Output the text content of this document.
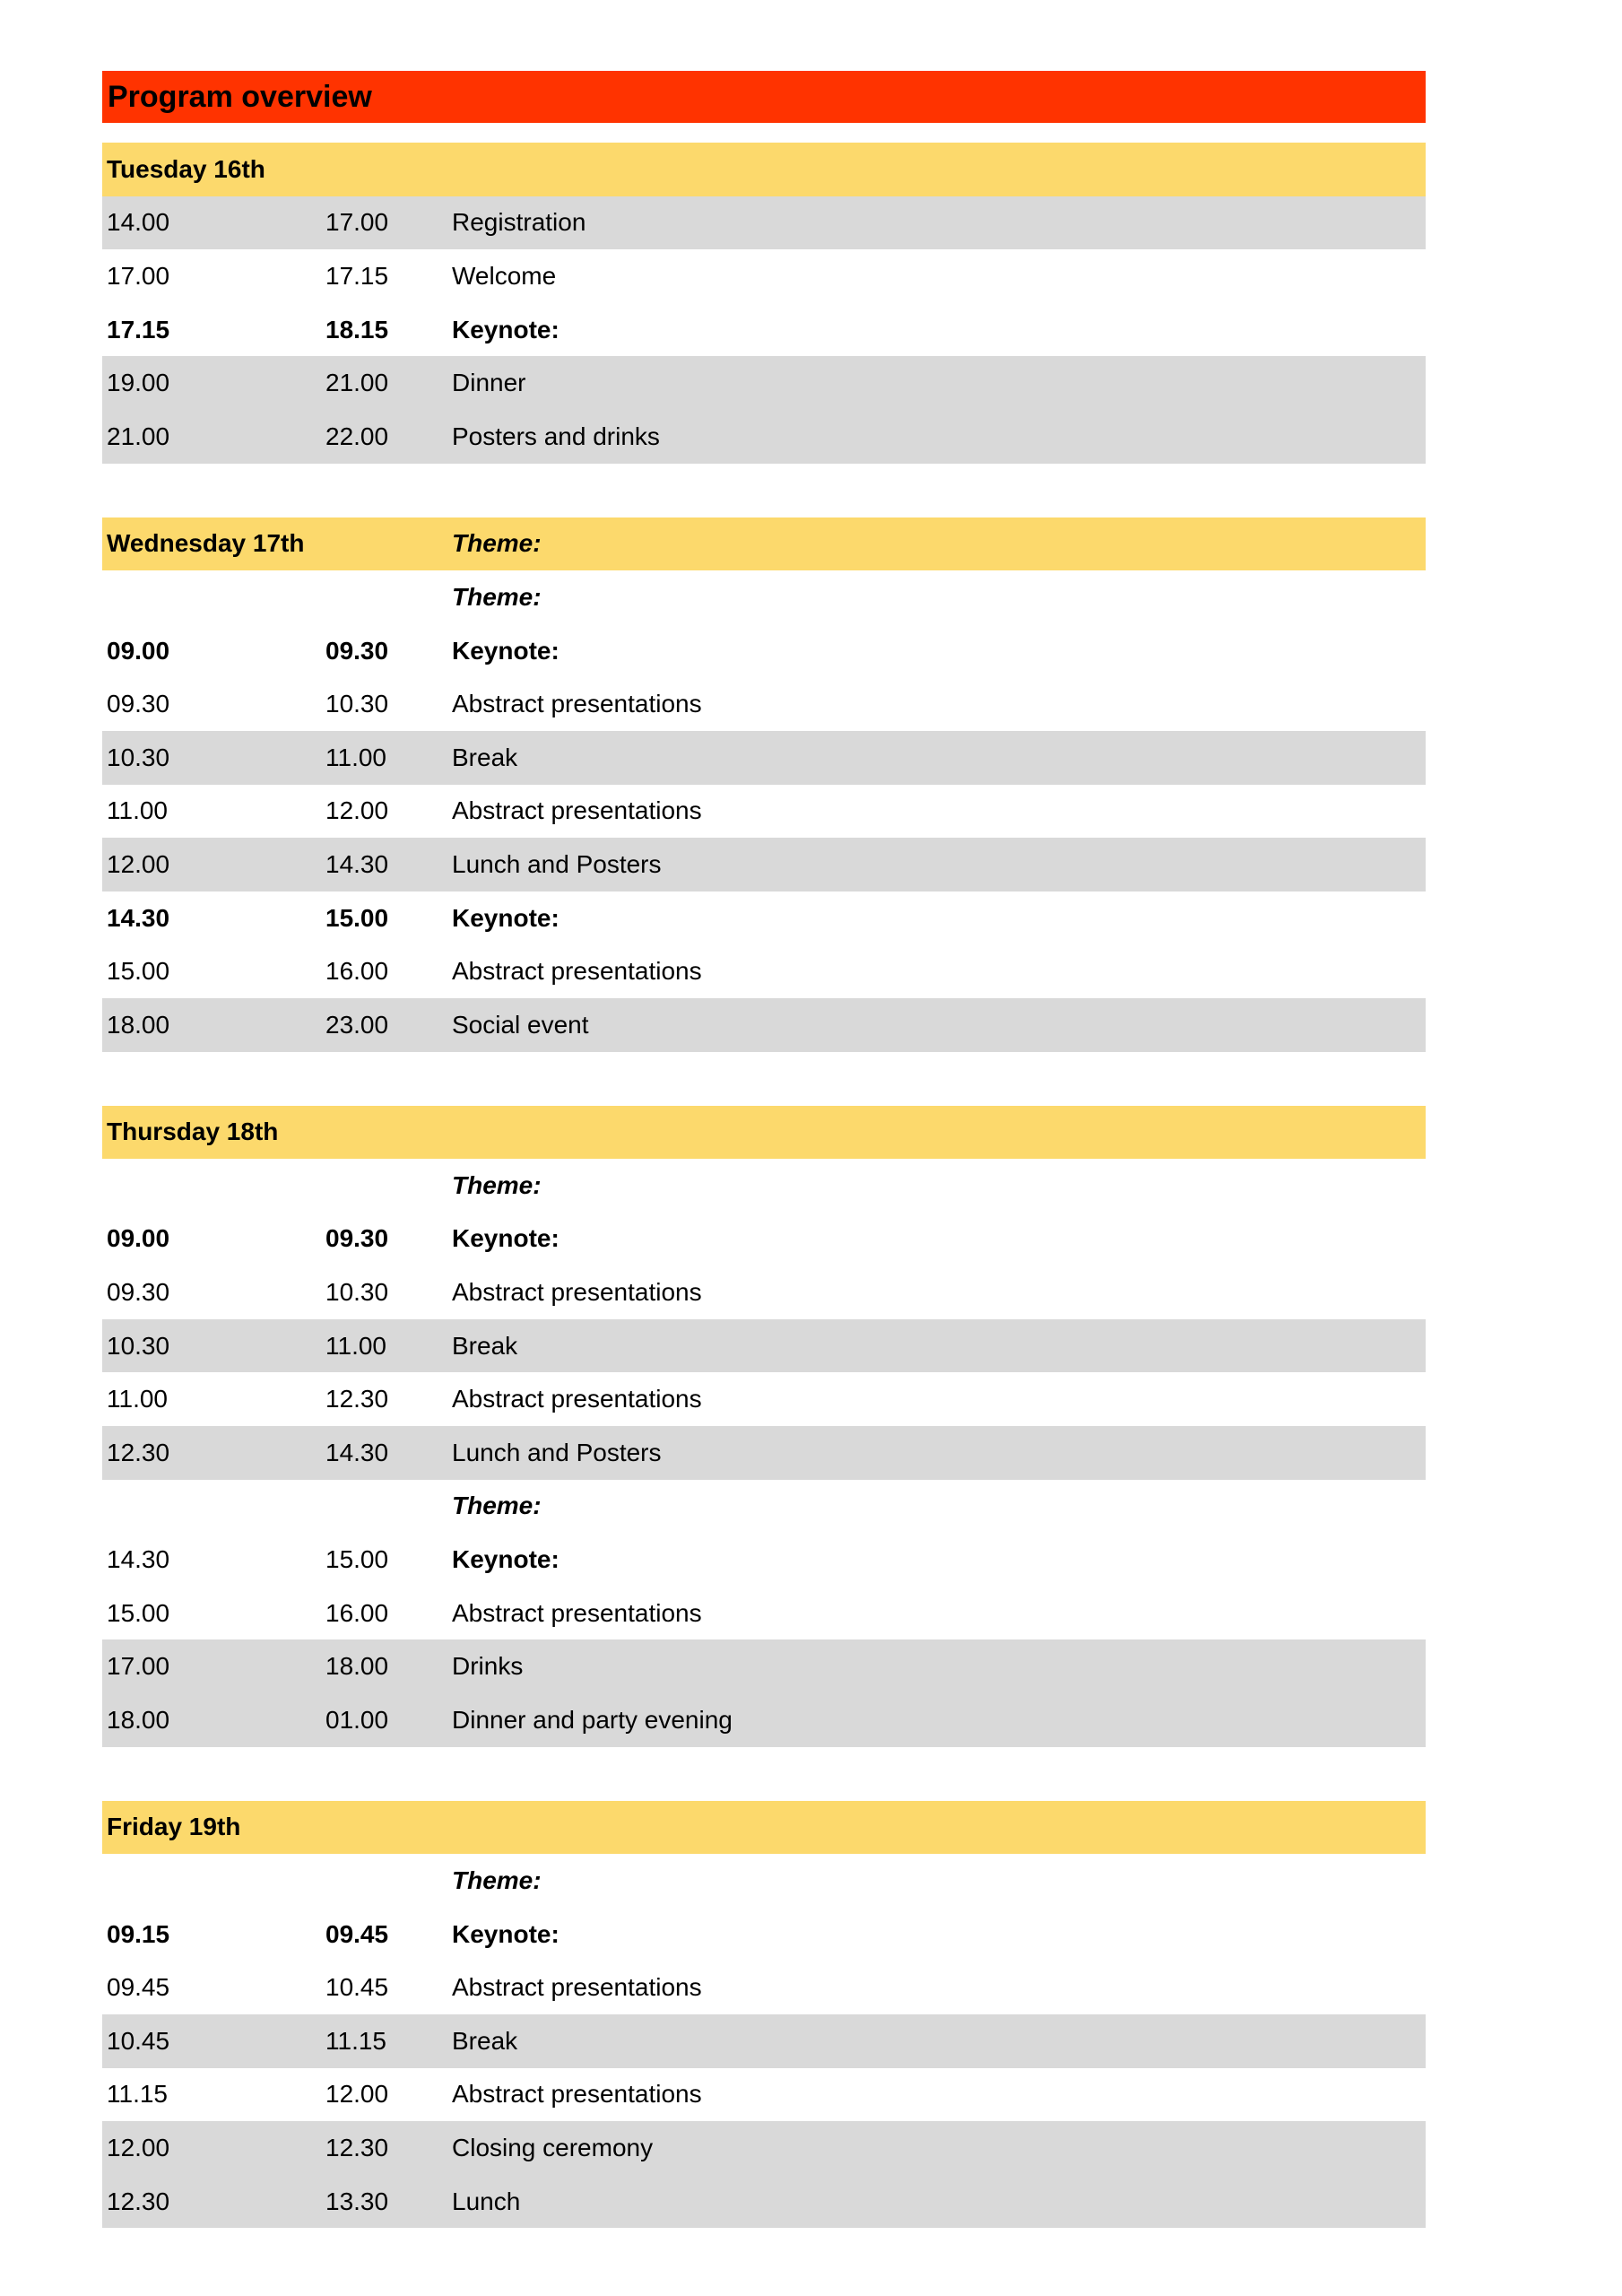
Program overview
Tuesday 16th
14.00	17.00	Registration
17.00	17.15	Welcome
17.15	18.15	Keynote:
19.00	21.00	Dinner
21.00	22.00	Posters and drinks
Wednesday 17th	Theme:
Theme:
09.00	09.30	Keynote:
09.30	10.30	Abstract presentations
10.30	11.00	Break
11.00	12.00	Abstract presentations
12.00	14.30	Lunch and Posters
14.30	15.00	Keynote:
15.00	16.00	Abstract presentations
18.00	23.00	Social event
Thursday 18th
Theme:
09.00	09.30	Keynote:
09.30	10.30	Abstract presentations
10.30	11.00	Break
11.00	12.30	Abstract presentations
12.30	14.30	Lunch and Posters
Theme:
14.30	15.00	Keynote:
15.00	16.00	Abstract presentations
17.00	18.00	Drinks
18.00	01.00	Dinner and party evening
Friday 19th
Theme:
09.15	09.45	Keynote:
09.45	10.45	Abstract presentations
10.45	11.15	Break
11.15	12.00	Abstract presentations
12.00	12.30	Closing ceremony
12.30	13.30	Lunch
